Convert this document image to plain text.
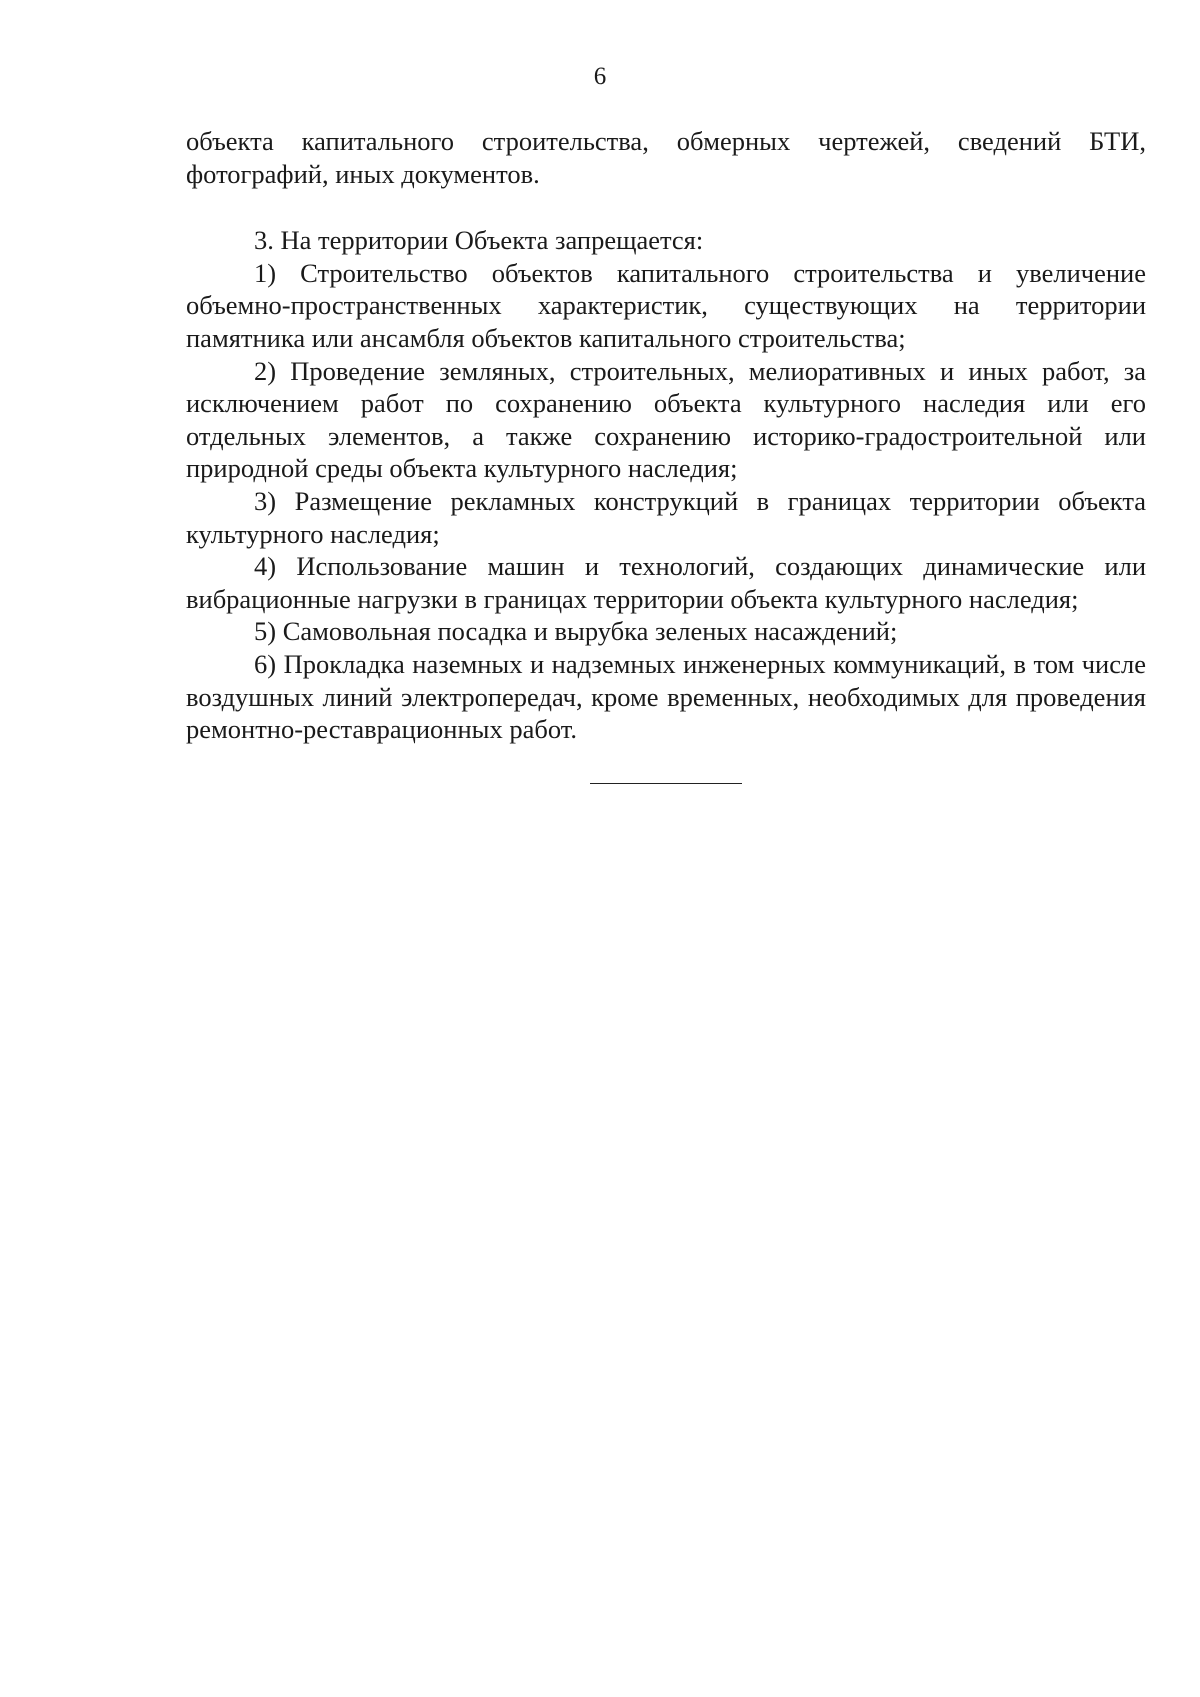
6

объекта капитального строительства, обмерных чертежей, сведений БТИ, фотографий, иных документов.

3. На территории Объекта запрещается:

1) Строительство объектов капитального строительства и увеличение объемно-пространственных характеристик, существующих на территории памятника или ансамбля объектов капитального строительства;

2) Проведение земляных, строительных, мелиоративных и иных работ, за исключением работ по сохранению объекта культурного наследия или его отдельных элементов, а также сохранению историко-градостроительной или природной среды объекта культурного наследия;

3) Размещение рекламных конструкций в границах территории объекта культурного наследия;

4) Использование машин и технологий, создающих динамические или вибрационные нагрузки в границах территории объекта культурного наследия;

5) Самовольная посадка и вырубка зеленых насаждений;

6) Прокладка наземных и надземных инженерных коммуникаций, в том числе воздушных линий электропередач, кроме временных, необходимых для проведения ремонтно-реставрационных работ.
